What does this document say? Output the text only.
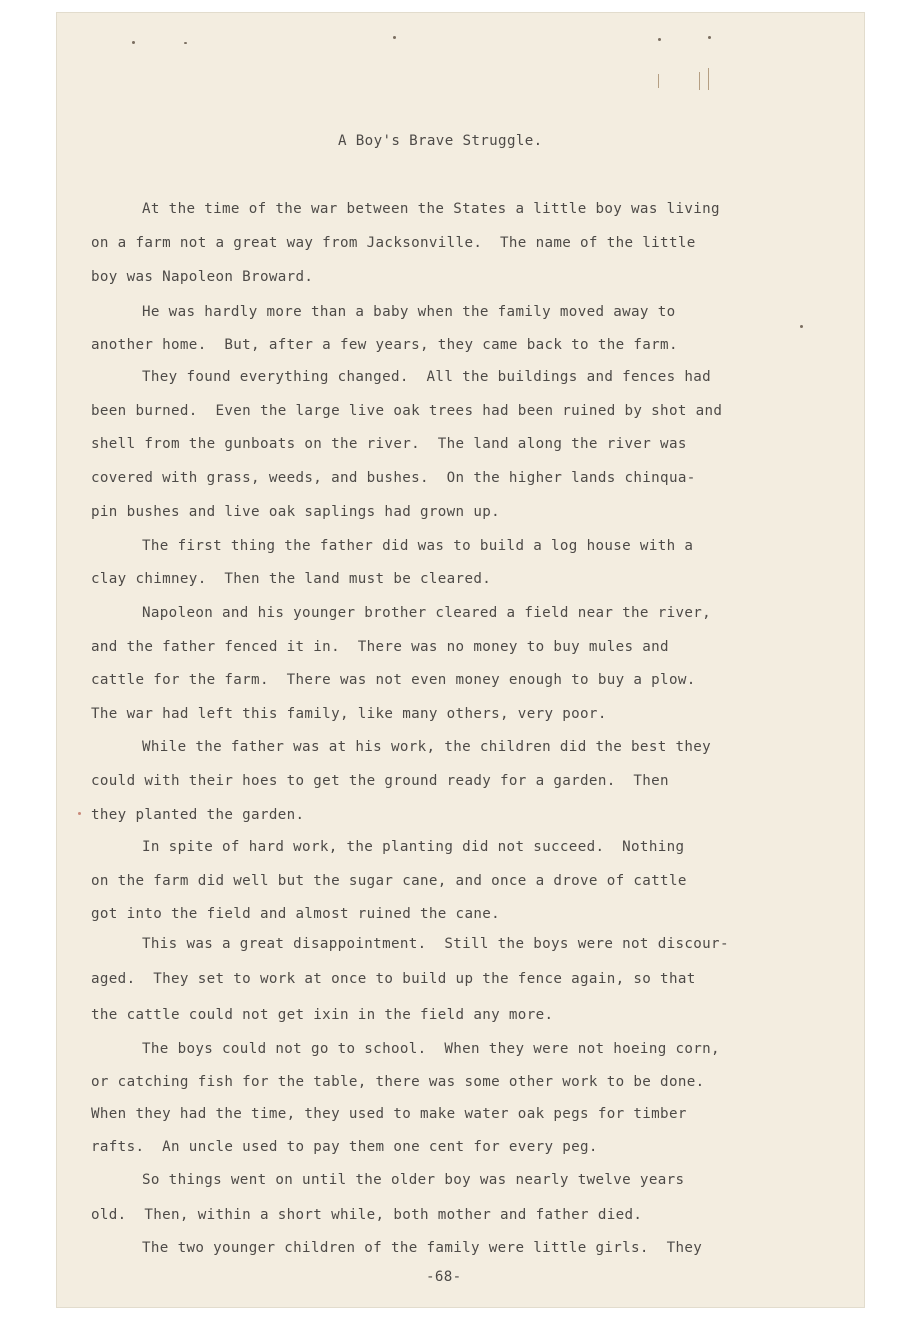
A Boy's Brave Struggle.

-68-

At the time of the war between the States a little boy was living

on a farm not a great way from Jacksonville.  The name of the little

boy was Napoleon Broward.

He was hardly more than a baby when the family moved away to

another home.  But, after a few years, they came back to the farm.

They found everything changed.  All the buildings and fences had

been burned.  Even the large live oak trees had been ruined by shot and

shell from the gunboats on the river.  The land along the river was

covered with grass, weeds, and bushes.  On the higher lands chinqua-

pin bushes and live oak saplings had grown up.

The first thing the father did was to build a log house with a

clay chimney.  Then the land must be cleared.

Napoleon and his younger brother cleared a field near the river,

and the father fenced it in.  There was no money to buy mules and

cattle for the farm.  There was not even money enough to buy a plow.

The war had left this family, like many others, very poor.

While the father was at his work, the children did the best they

could with their hoes to get the ground ready for a garden.  Then

they planted the garden.

In spite of hard work, the planting did not succeed.  Nothing

on the farm did well but the sugar cane, and once a drove of cattle

got into the field and almost ruined the cane.

This was a great disappointment.  Still the boys were not discour-

aged.  They set to work at once to build up the fence again, so that

the cattle could not get ixin in the field any more.

The boys could not go to school.  When they were not hoeing corn,

or catching fish for the table, there was some other work to be done.

When they had the time, they used to make water oak pegs for timber

rafts.  An uncle used to pay them one cent for every peg.

So things went on until the older boy was nearly twelve years

old.  Then, within a short while, both mother and father died.

The two younger children of the family were little girls.  They
